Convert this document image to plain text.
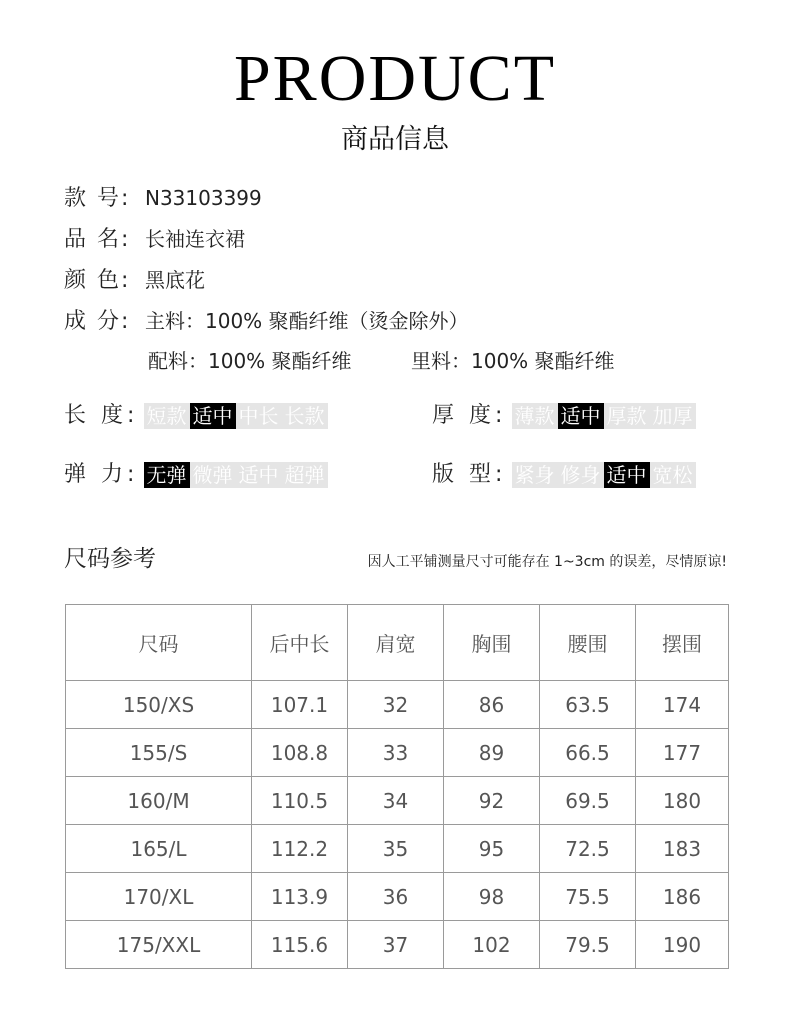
PRODUCT
商品信息
款 号: N33103399
品 名: 长袖连衣裙
颜 色: 黑底花
成 分: 主料：100% 聚酯纤维（烫金除外）
配料：100% 聚酯纤维	里料：100% 聚酯纤维
长 度: 短款 适中 中长 长款	厚 度: 薄款 适中 厚款 加厚
弹 力: 无弹 微弹 适中 超弹	版 型: 紧身 修身 适中 宽松
尺码参考	因人工平铺测量尺寸可能存在 1~3cm 的误差，尽情原谅!
尺码	后中长	肩宽	胸围	腰围	摆围
150/XS	107.1	32	86	63.5	174
155/S	108.8	33	89	66.5	177
160/M	110.5	34	92	69.5	180
165/L	112.2	35	95	72.5	183
170/XL	113.9	36	98	75.5	186
175/XXL	115.6	37	102	79.5	190
